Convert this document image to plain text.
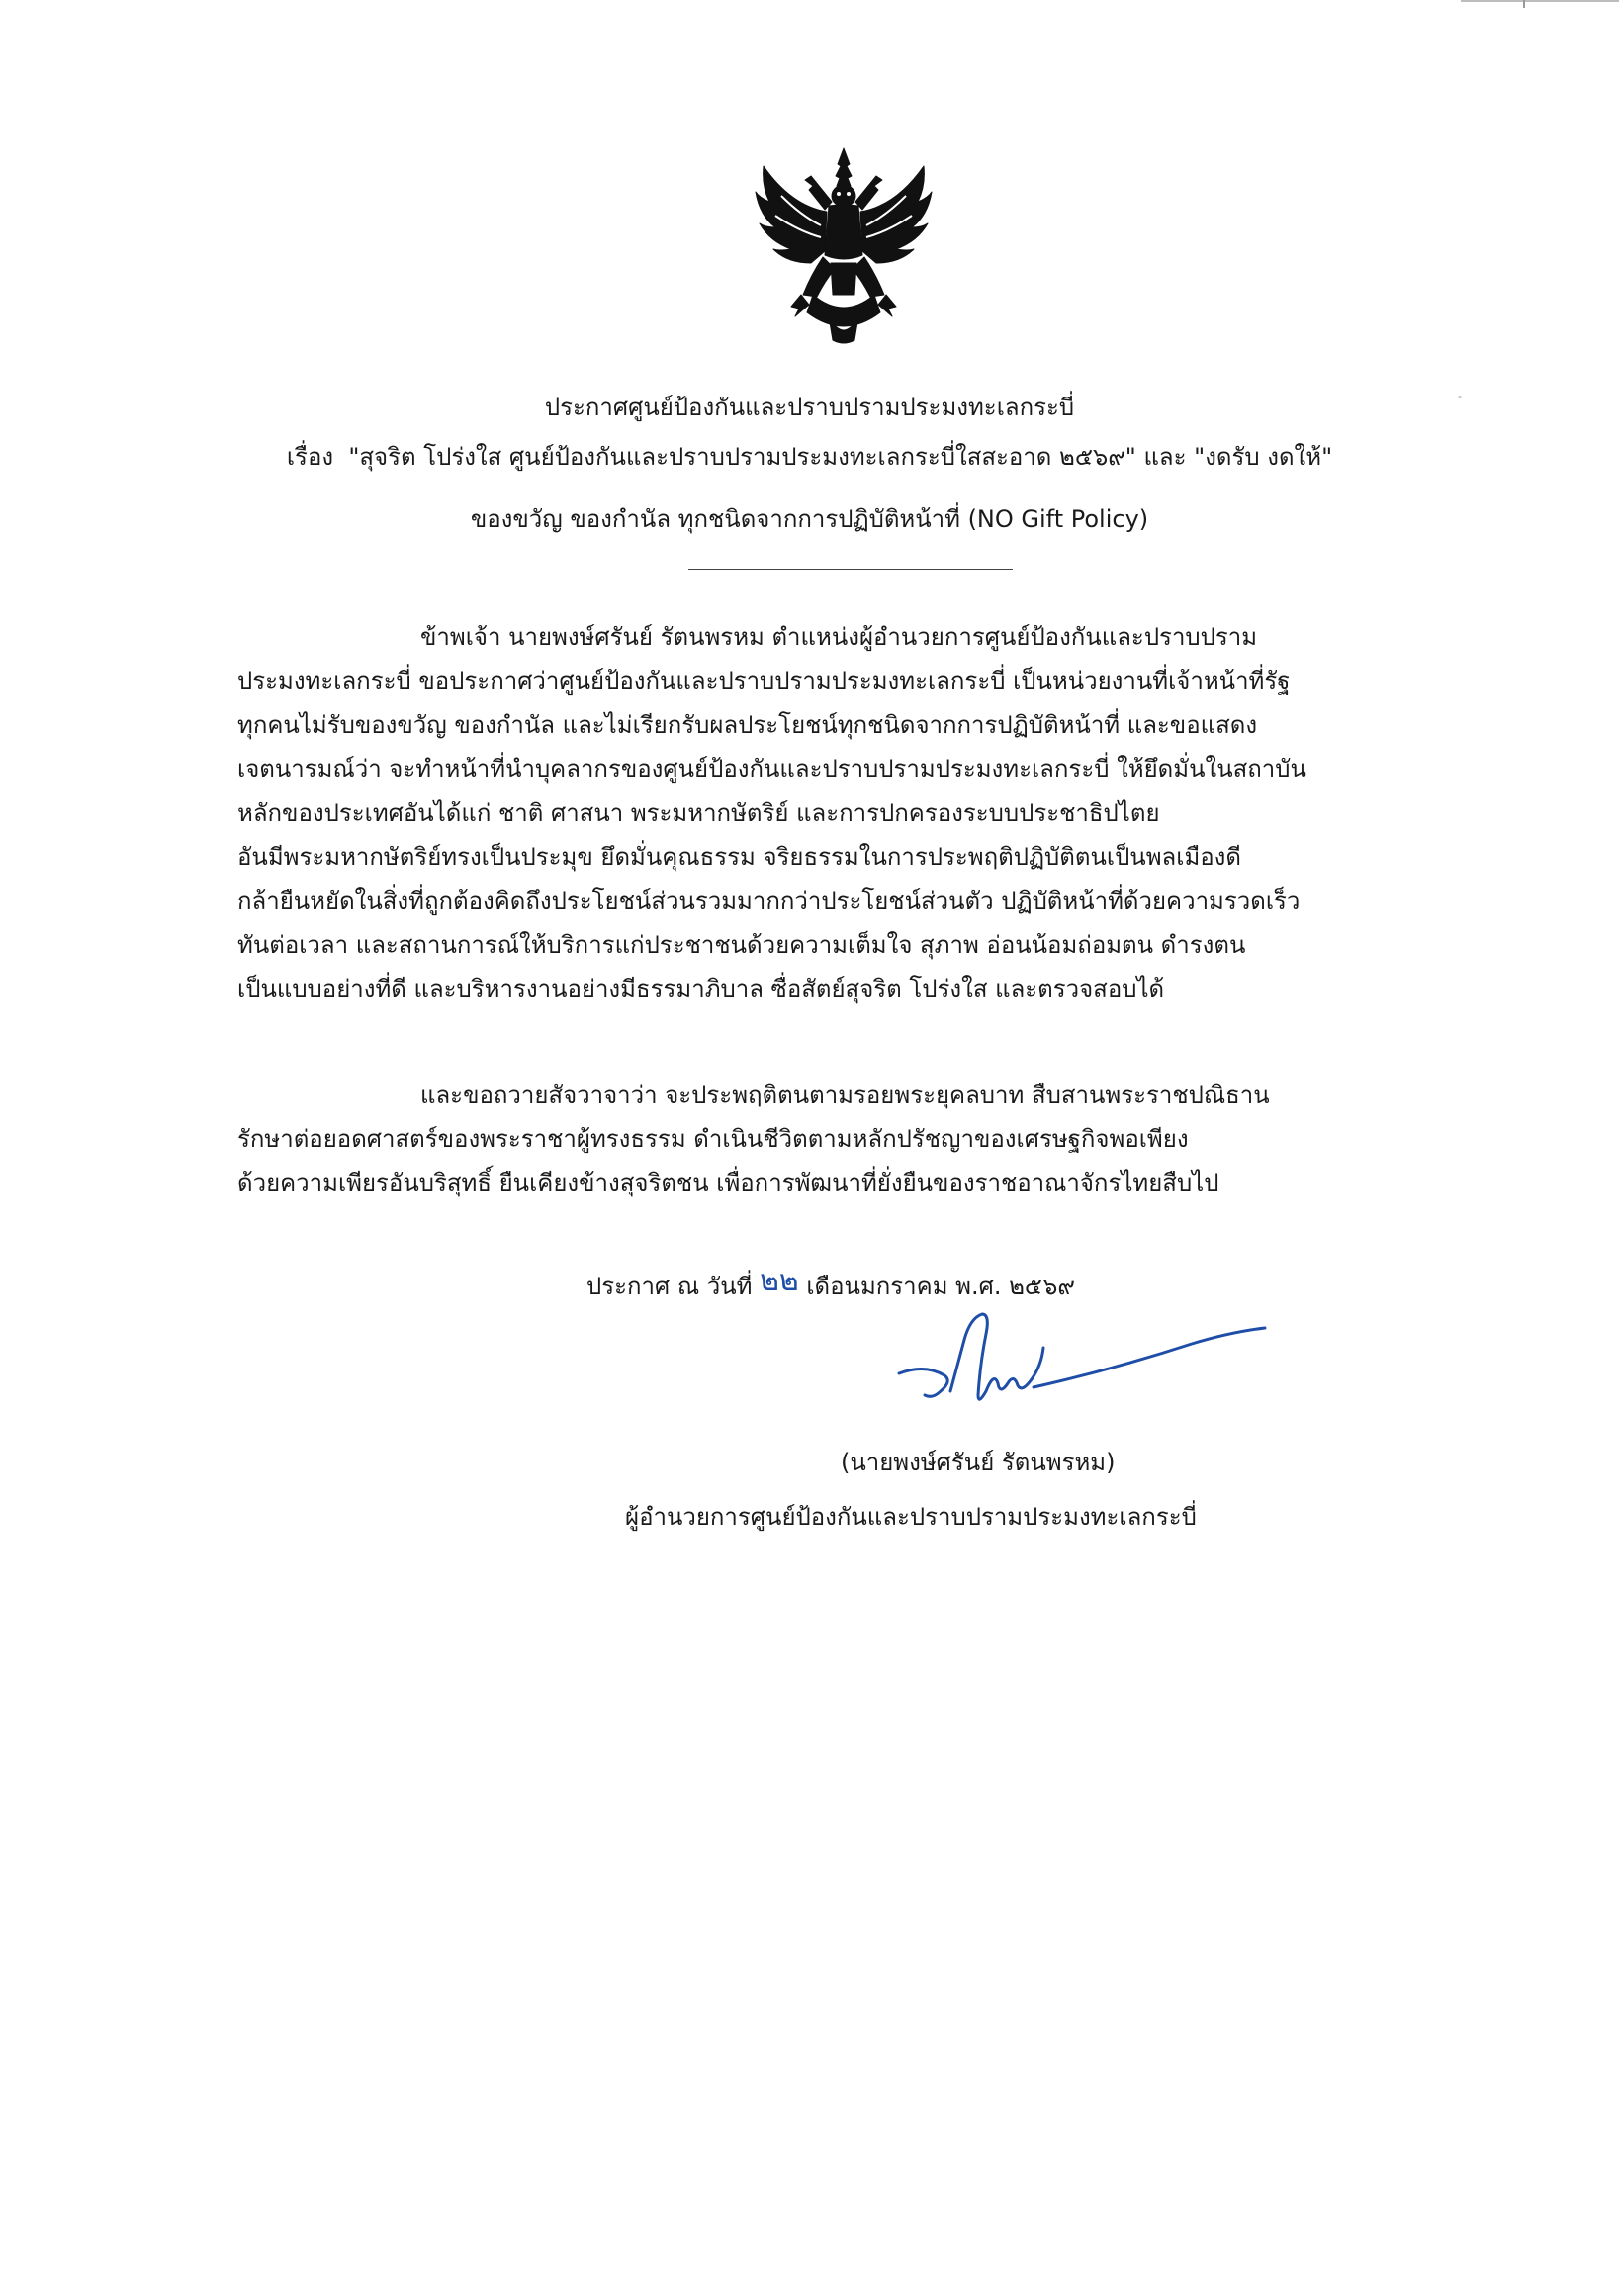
ประกาศศูนย์ป้องกันและปราบปรามประมงทะเลกระบี่
เรื่อง "สุจริต โปร่งใส ศูนย์ป้องกันและปราบปรามประมงทะเลกระบี่ใสสะอาด ๒๕๖๙" และ "งดรับ งดให้"
ของขวัญ ของกำนัล ทุกชนิดจากการปฏิบัติหน้าที่ (NO Gift Policy)
ข้าพเจ้า นายพงษ์ศรันย์ รัตนพรหม ตำแหน่งผู้อำนวยการศูนย์ป้องกันและปราบปราม
ประมงทะเลกระบี่ ขอประกาศว่าศูนย์ป้องกันและปราบปรามประมงทะเลกระบี่ เป็นหน่วยงานที่เจ้าหน้าที่รัฐ
ทุกคนไม่รับของขวัญ ของกำนัล และไม่เรียกรับผลประโยชน์ทุกชนิดจากการปฏิบัติหน้าที่ และขอแสดง
เจตนารมณ์ว่า จะทำหน้าที่นำบุคลากรของศูนย์ป้องกันและปราบปรามประมงทะเลกระบี่ ให้ยึดมั่นในสถาบัน
หลักของประเทศอันได้แก่ ชาติ ศาสนา พระมหากษัตริย์ และการปกครองระบบประชาธิปไตย
อันมีพระมหากษัตริย์ทรงเป็นประมุข ยึดมั่นคุณธรรม จริยธรรมในการประพฤติปฏิบัติตนเป็นพลเมืองดี
กล้ายืนหยัดในสิ่งที่ถูกต้องคิดถึงประโยชน์ส่วนรวมมากกว่าประโยชน์ส่วนตัว ปฏิบัติหน้าที่ด้วยความรวดเร็ว
ทันต่อเวลา และสถานการณ์ให้บริการแก่ประชาชนด้วยความเต็มใจ สุภาพ อ่อนน้อมถ่อมตน ดำรงตน
เป็นแบบอย่างที่ดี และบริหารงานอย่างมีธรรมาภิบาล ซื่อสัตย์สุจริต โปร่งใส และตรวจสอบได้
และขอถวายสัจวาจาว่า จะประพฤติตนตามรอยพระยุคลบาท สืบสานพระราชปณิธาน
รักษาต่อยอดศาสตร์ของพระราชาผู้ทรงธรรม ดำเนินชีวิตตามหลักปรัชญาของเศรษฐกิจพอเพียง
ด้วยความเพียรอันบริสุทธิ์ ยืนเคียงข้างสุจริตชน เพื่อการพัฒนาที่ยั่งยืนของราชอาณาจักรไทยสืบไป
ประกาศ ณ วันที่ ๒๒ เดือนมกราคม พ.ศ. ๒๕๖๙
(นายพงษ์ศรันย์ รัตนพรหม)
ผู้อำนวยการศูนย์ป้องกันและปราบปรามประมงทะเลกระบี่
